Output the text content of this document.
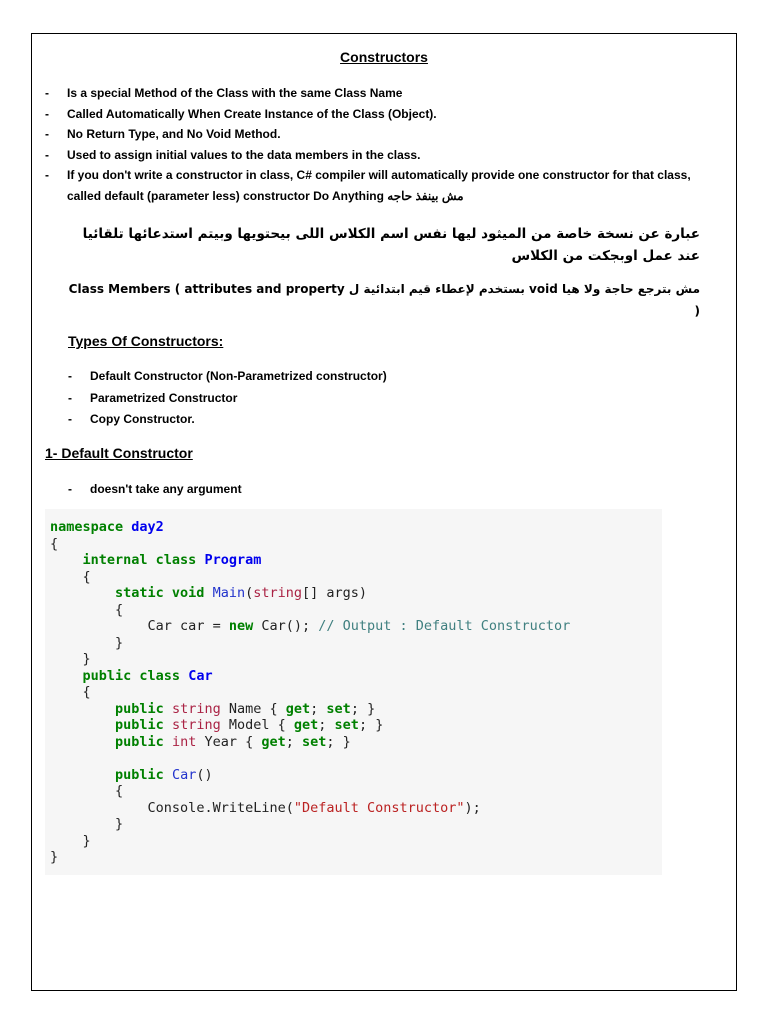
Constructors
- Is a special Method of the Class with the same Class Name
- Called Automatically When Create Instance of the Class (Object).
- No Return Type, and No Void Method.
- Used to assign initial values to the data members in the class.
- If you don't write a constructor in class, C# compiler will automatically provide one constructor for that class, called default (parameter less) constructor Do Anything مش بينفذ حاجه
عبارة عن نسخة خاصة من الميثود ليها نفس اسم الكلاس اللى بيحتويها وبيتم استدعائها تلقائيا عند عمل اوبجكت من الكلاس
مش بترجع حاجة ولا هيا void بستخدم لإعطاء قيم ابتدائية ل Class Members ( attributes and property )
Types Of Constructors:
- Default Constructor (Non-Parametrized constructor)
- Parametrized Constructor
- Copy Constructor.
1- Default Constructor
- doesn't take any argument
namespace day2
{
internal class Program
{
static void Main(string[] args)
{
Car car = new Car(); // Output : Default Constructor
}
}
public class Car
{
public string Name { get; set; }
public string Model { get; set; }
public int Year { get; set; }

public Car()
{
Console.WriteLine("Default Constructor");
}
}
}
